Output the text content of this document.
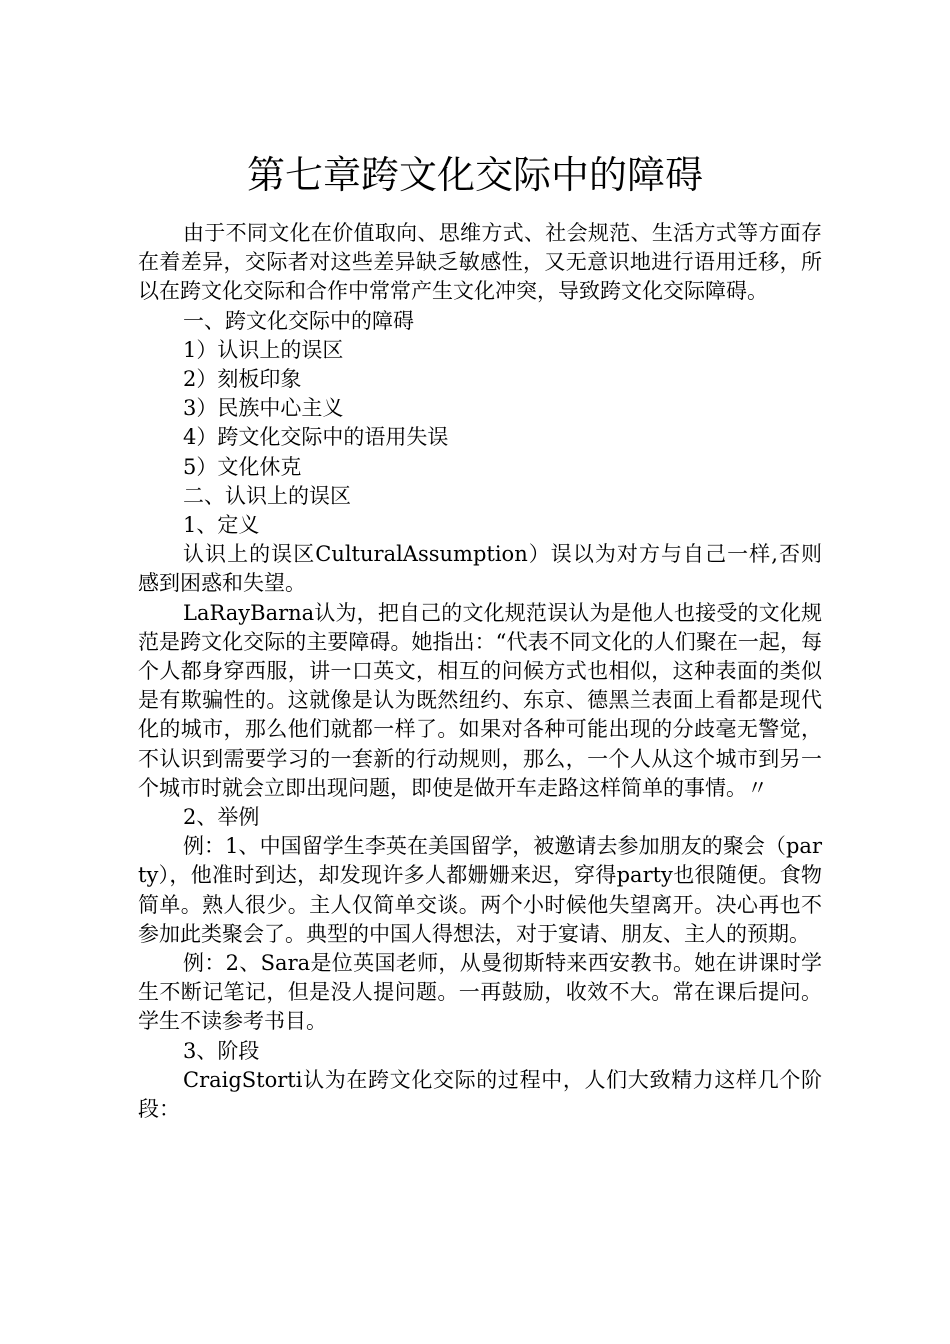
第七章跨文化交际中的障碍

由于不同文化在价值取向、思维方式、社会规范、生活方式等方面存在着差异，交际者对这些差异缺乏敏感性，又无意识地进行语用迁移，所以在跨文化交际和合作中常常产生文化冲突，导致跨文化交际障碍。

一、跨文化交际中的障碍

1）认识上的误区

2）刻板印象

3）民族中心主义

4）跨文化交际中的语用失误

5）文化休克

二、认识上的误区

1、定义

认识上的误区CulturalAssumption）误以为对方与自己一样,否则感到困惑和失望。

LaRayBarna认为，把自己的文化规范误认为是他人也接受的文化规范是跨文化交际的主要障碍。她指出：“代表不同文化的人们聚在一起，每个人都身穿西服，讲一口英文，相互的问候方式也相似，这种表面的类似是有欺骗性的。这就像是认为既然纽约、东京、德黑兰表面上看都是现代化的城市，那么他们就都一样了。如果对各种可能出现的分歧毫无警觉，不认识到需要学习的一套新的行动规则，那么，一个人从这个城市到另一个城市时就会立即出现问题，即使是做开车走路这样简单的事情。〃

2、举例

例：1、中国留学生李英在美国留学，被邀请去参加朋友的聚会（party），他准时到达，却发现许多人都姗姗来迟，穿得party也很随便。食物简单。熟人很少。主人仅简单交谈。两个小时候他失望离开。决心再也不参加此类聚会了。典型的中国人得想法，对于宴请、朋友、主人的预期。

例：2、Sara是位英国老师，从曼彻斯特来西安教书。她在讲课时学生不断记笔记，但是没人提问题。一再鼓励，收效不大。常在课后提问。学生不读参考书目。

3、阶段

CraigStorti认为在跨文化交际的过程中，人们大致精力这样几个阶段：
